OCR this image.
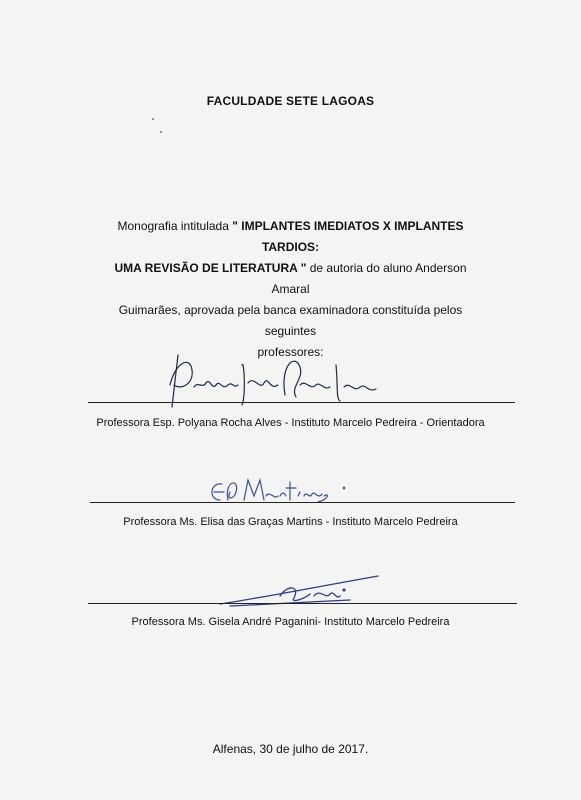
FACULDADE SETE LAGOAS
Monografia intitulada " IMPLANTES IMEDIATOS X IMPLANTES TARDIOS:
UMA REVISÃO DE LITERATURA " de autoria do aluno Anderson Amaral
Guimarães, aprovada pela banca examinadora constituída pelos seguintes
professores:
Professora Esp. Polyana Rocha Alves - Instituto Marcelo Pedreira - Orientadora
Professora Ms. Elisa das Graças Martins - Instituto Marcelo Pedreira
Professora Ms. Gisela André Paganini- Instituto Marcelo Pedreira
Alfenas, 30 de julho de 2017.
